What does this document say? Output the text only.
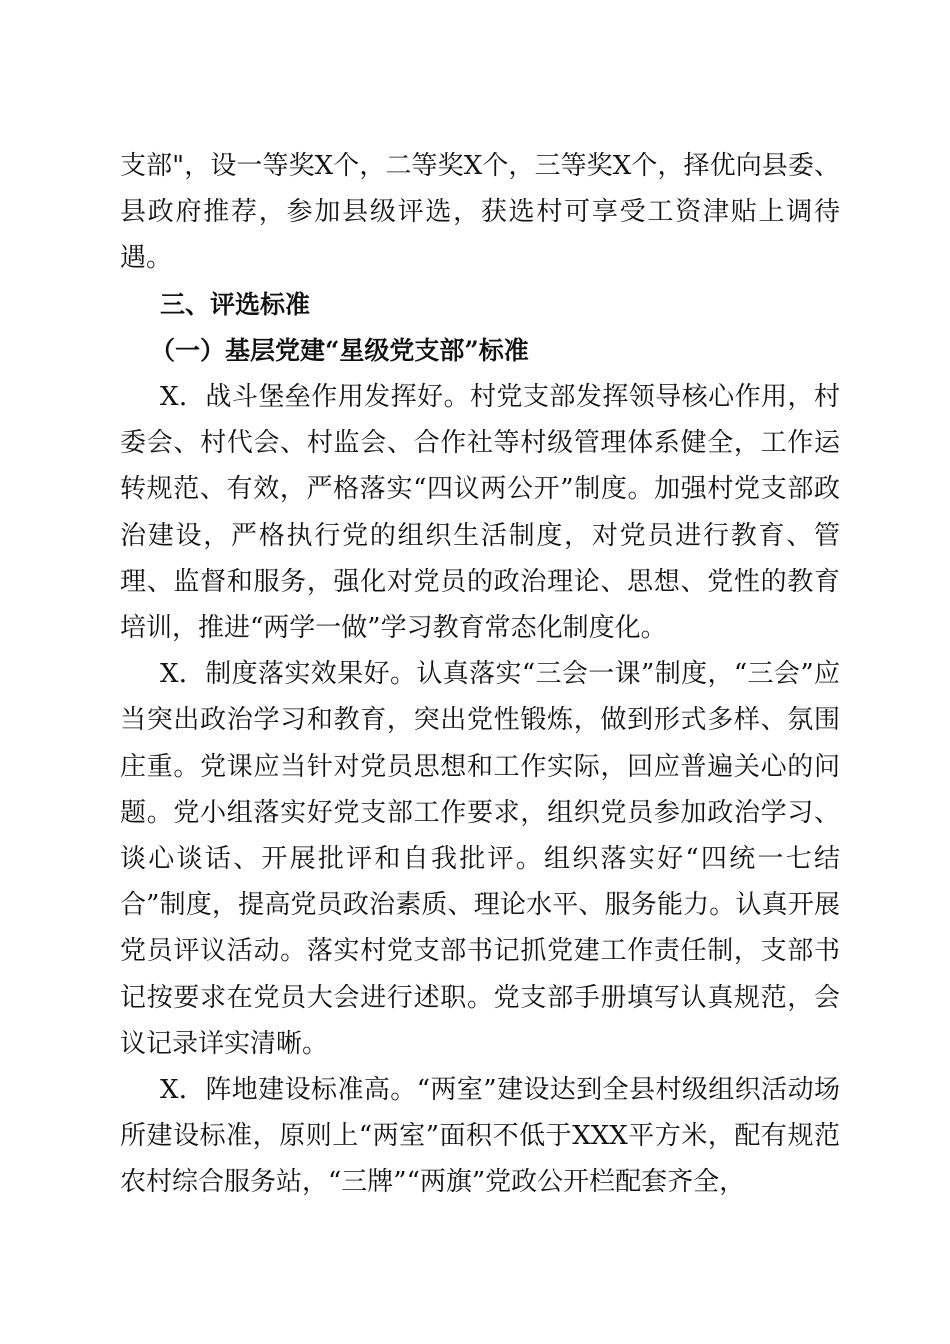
支部"，设一等奖X个，二等奖X个，三等奖X个，择优向县委、县政府推荐，参加县级评选，获选村可享受工资津贴上调待遇。

三、评选标准

（一）基层党建“星级党支部”标准

X．战斗堡垒作用发挥好。村党支部发挥领导核心作用，村委会、村代会、村监会、合作社等村级管理体系健全，工作运转规范、有效，严格落实“四议两公开”制度。加强村党支部政治建设，严格执行党的组织生活制度，对党员进行教育、管理、监督和服务，强化对党员的政治理论、思想、党性的教育培训，推进“两学一做”学习教育常态化制度化。

X．制度落实效果好。认真落实“三会一课”制度，“三会”应当突出政治学习和教育，突出党性锻炼，做到形式多样、氛围庄重。党课应当针对党员思想和工作实际，回应普遍关心的问题。党小组落实好党支部工作要求，组织党员参加政治学习、谈心谈话、开展批评和自我批评。组织落实好“四统一七结合”制度，提高党员政治素质、理论水平、服务能力。认真开展党员评议活动。落实村党支部书记抓党建工作责任制，支部书记按要求在党员大会进行述职。党支部手册填写认真规范，会议记录详实清晰。

X．阵地建设标准高。“两室”建设达到全县村级组织活动场所建设标准，原则上“两室”面积不低于XXX平方米，配有规范农村综合服务站，“三牌”“两旗”党政公开栏配套齐全，
